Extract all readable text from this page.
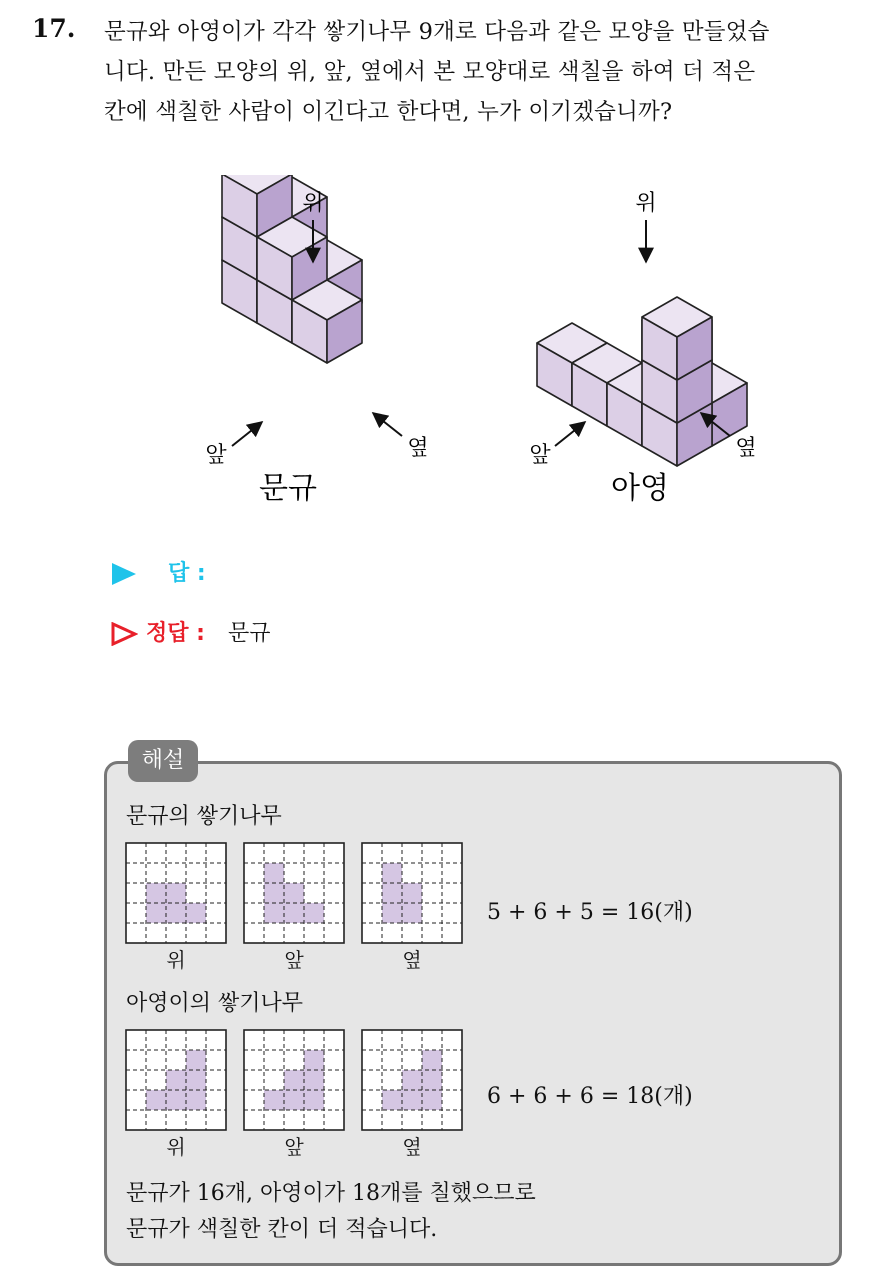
17. 문규와 아영이가 각각 쌓기나무 9개로 다음과 같은 모양을 만들었습
니다. 만든 모양의 위, 앞, 옆에서 본 모양대로 색칠을 하여 더 적은
칸에 색칠한 사람이 이긴다고 한다면, 누가 이기겠습니까?
위
앞	옆
위
앞	옆
문규	아영
답 :
정답 : 문규
해설
문규의 쌓기나무
아영이의 쌓기나무
위	앞	옆
위	앞	옆
5 + 6 + 5 = 16(개)
6 + 6 + 6 = 18(개)
문규가 16개, 아영이가 18개를 칠했으므로
문규가 색칠한 칸이 더 적습니다.
